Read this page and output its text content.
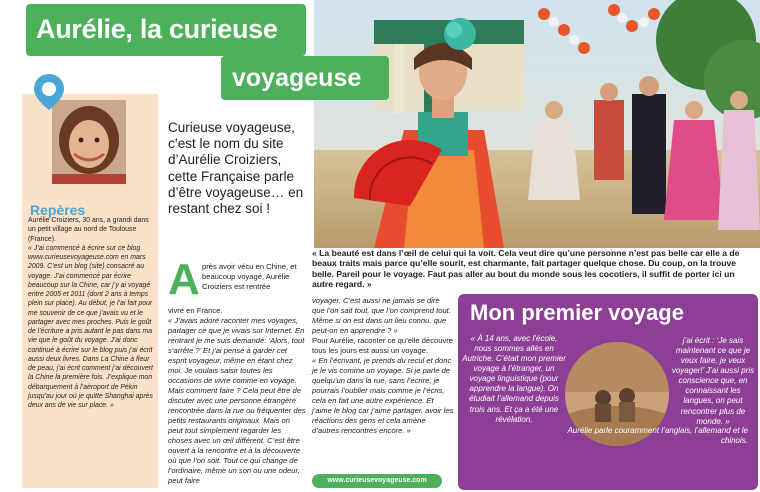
Aurélie, la curieuse
voyageuse
« La beauté est dans l’œil de celui qui la voit. Cela veut dire qu’une personne n’est pas belle car elle a de beaux traits mais parce qu’elle sourit, est charmante, fait partager quelque chose. Du coup, on la trouve belle. Pareil pour le voyage. Faut pas aller au bout du monde sous les cocotiers, il suffit de porter ici un autre regard. »
Repères
Aurélie Croiziers, 30 ans, a grandi dans un petit village au nord de Toulouse (France).
« J’ai commencé à écrire sur ce blog www.curieusevoyageuse.com en mars 2009. C’est un blog (site) consacré au voyage. J’ai commencé par écrire beaucoup sur la Chine, car j’y ai voyagé entre 2005 et 2011 (dont 2 ans à temps plein sur place). Au début, je l’ai fait pour me souvenir de ce que j’avais vu et le partager avec mes proches. Puis le goût de l’écriture a pris autant le pas dans ma vie que le goût du voyage. J’ai donc continué à écrire sur le blog puis j’ai écrit aussi deux livres. Dans La Chine à fleur de peau, j’ai écrit comment j’ai découvert la Chine la première fois. J’explique mon débarquement à l’aéroport de Pékin jusqu’au jour où je quitte Shanghai après deux ans de vie sur place. »
Curieuse voyageuse, c’est le nom du site d’Aurélie Croiziers, cette Française parle d’être voyageuse… en restant chez soi !
A près avoir vécu en Chine, et beaucoup voyagé, Aurélie Croiziers est rentrée
vivre en France.
« J’avais adoré raconter mes voyages, partager ce que je vivais sur Internet. En rentrant je me suis demandé: ‘Alors, tout s’arrête ?’ Et j’ai pensé à garder cet esprit voyageur, même en étant chez moi. Je voulais saisir toutes les occasions de vivre comme en voyage. Mais comment faire ? Cela peut être de discuter avec une personne étrangère rencontrée dans la rue ou fréquenter des petits restaurants originaux. Mais on peut tout simplement regarder les choses avec un œil différent. C’est être ouvert à la rencontre et à la découverte où que l’on soit. Tout ce qui change de l’ordinaire, même un son ou une odeur, peut faire
voyager. C’est aussi ne jamais se dire que l’on sait tout, que l’on comprend tout. Même si on est dans un lieu connu, que peut-on en apprendre ? »
Pour Aurélie, raconter ce qu’elle découvre tous les jours est aussi un voyage.
« En l’écrivant, je prends du recul et donc je le vis comme un voyage. Si je parle de quelqu’un dans la rue, sans l’écrire, je pourrais l’oublier mais comme je l’écris, cela en fait une autre expérience. Et j’aime le blog car j’aime partager, avoir les réactions des gens et cela amène d’autres rencontres encore. »
www.curieusevoyageuse.com
Mon premier voyage
« À 14 ans, avec l’école, nous sommes allés en Autriche. C’était mon premier voyage à l’étranger, un voyage linguistique (pour apprendre la langue). On étudiait l’allemand depuis trois ans. Et ça a été une révélation,
j’ai écrit : ‘Je sais maintenant ce que je veux faire, je veux voyager!’ J’ai aussi pris conscience que, en connaissant les langues, on peut rencontrer plus de monde. »
Aurélie parle couramment l’anglais, l’allemand et le chinois.
